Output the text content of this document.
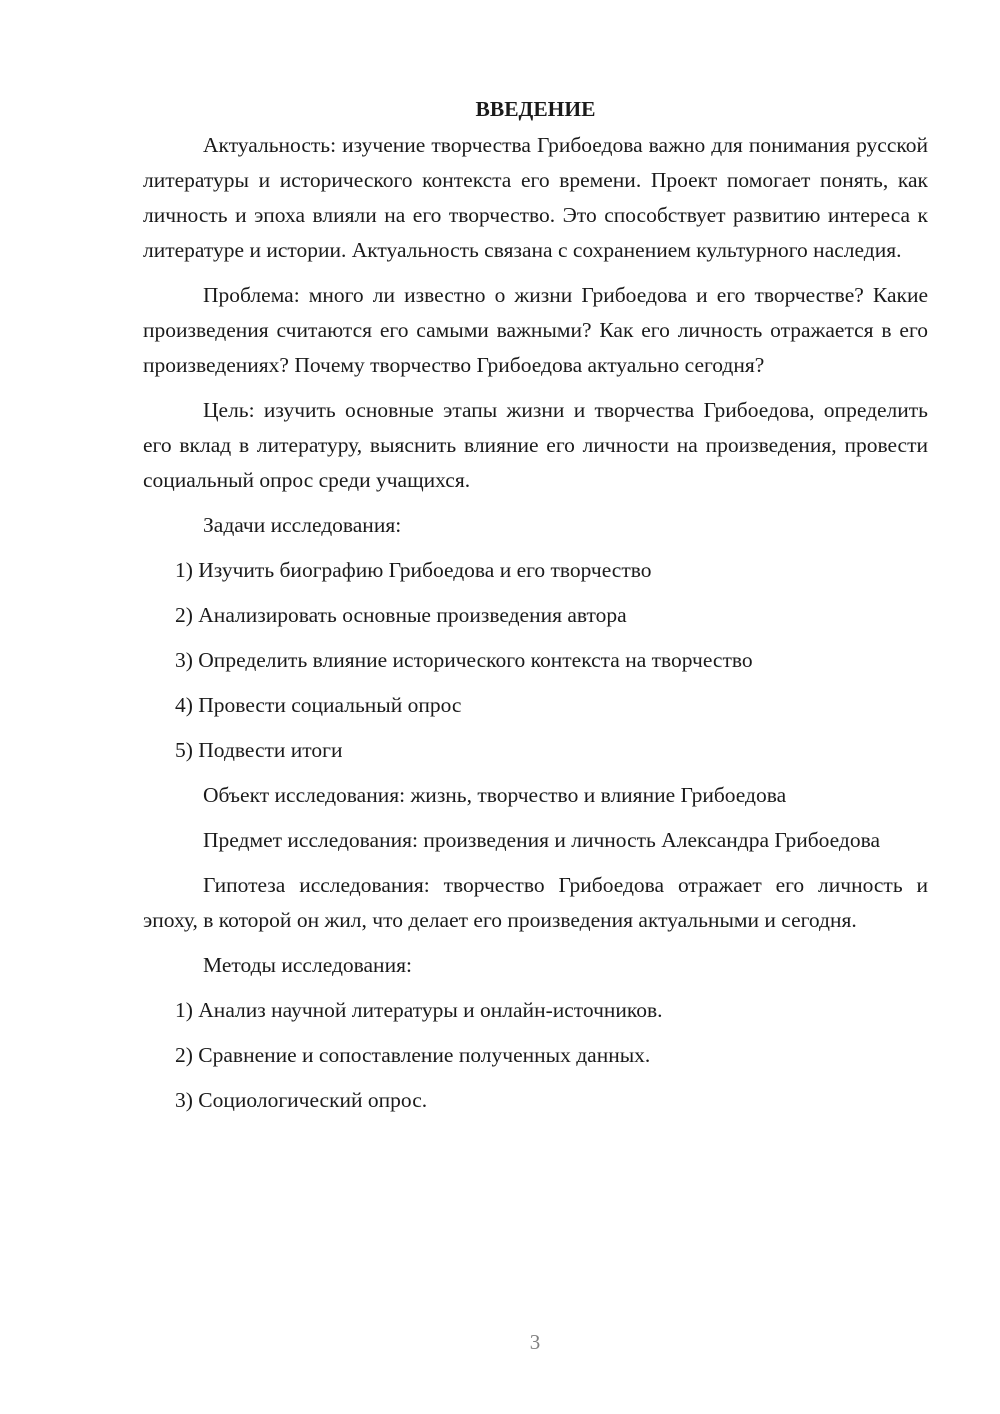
ВВЕДЕНИЕ

Актуальность: изучение творчества Грибоедова важно для понимания русской литературы и исторического контекста его времени. Проект помогает понять, как личность и эпоха влияли на его творчество. Это способствует развитию интереса к литературе и истории. Актуальность связана с сохранением культурного наследия.

Проблема: много ли известно о жизни Грибоедова и его творчестве? Какие произведения считаются его самыми важными? Как его личность отражается в его произведениях? Почему творчество Грибоедова актуально сегодня?

Цель: изучить основные этапы жизни и творчества Грибоедова, определить его вклад в литературу, выяснить влияние его личности на произведения, провести социальный опрос среди учащихся.

Задачи исследования:
1) Изучить биографию Грибоедова и его творчество
2) Анализировать основные произведения автора
3) Определить влияние исторического контекста на творчество
4) Провести социальный опрос
5) Подвести итоги

Объект исследования: жизнь, творчество и влияние Грибоедова

Предмет исследования: произведения и личность Александра Грибоедова

Гипотеза исследования: творчество Грибоедова отражает его личность и эпоху, в которой он жил, что делает его произведения актуальными и сегодня.

Методы исследования:
1) Анализ научной литературы и онлайн-источников.
2) Сравнение и сопоставление полученных данных.
3) Социологический опрос.
3
